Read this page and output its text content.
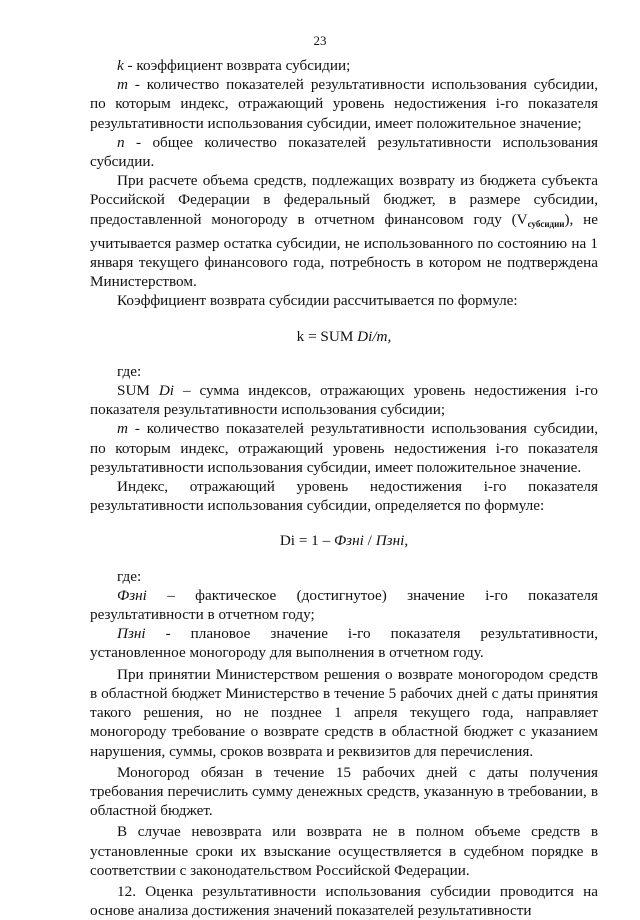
23

k - коэффициент возврата субсидии;

m - количество показателей результативности использования субсидии, по которым индекс, отражающий уровень недостижения i-го показателя результативности использования субсидии, имеет положительное значение;

n - общее количество показателей результативности использования субсидии.

При расчете объема средств, подлежащих возврату из бюджета субъекта Российской Федерации в федеральный бюджет, в размере субсидии, предоставленной моногороду в отчетном финансовом году $(V_{субсидии})$, не учитывается размер остатка субсидии, не использованного по состоянию на 1 января текущего финансового года, потребность в котором не подтверждена Министерством.

Коэффициент возврата субсидии рассчитывается по формуле:

k = SUM Di/m,

где:

SUM Di – сумма индексов, отражающих уровень недостижения i-го показателя результативности использования субсидии;

m - количество показателей результативности использования субсидии, по которым индекс, отражающий уровень недостижения i-го показателя результативности использования субсидии, имеет положительное значение.

Индекс, отражающий уровень недостижения i-го показателя результативности использования субсидии, определяется по формуле:

Di = 1 – Фзні / Пзні,

где:

Фзні – фактическое (достигнутое) значение i-го показателя результативности в отчетном году;

Пзні - плановое значение i-го показателя результативности, установленное моногороду для выполнения в отчетном году.

При принятии Министерством решения о возврате моногородом средств в областной бюджет Министерство в течение 5 рабочих дней с даты принятия такого решения, но не позднее 1 апреля текущего года, направляет моногороду требование о возврате средств в областной бюджет с указанием нарушения, суммы, сроков возврата и реквизитов для перечисления.

Моногород обязан в течение 15 рабочих дней с даты получения требования перечислить сумму денежных средств, указанную в требовании, в областной бюджет.

В случае невозврата или возврата не в полном объеме средств в установленные сроки их взыскание осуществляется в судебном порядке в соответствии с законодательством Российской Федерации.

12. Оценка результативности использования субсидии проводится на основе анализа достижения значений показателей результативности
